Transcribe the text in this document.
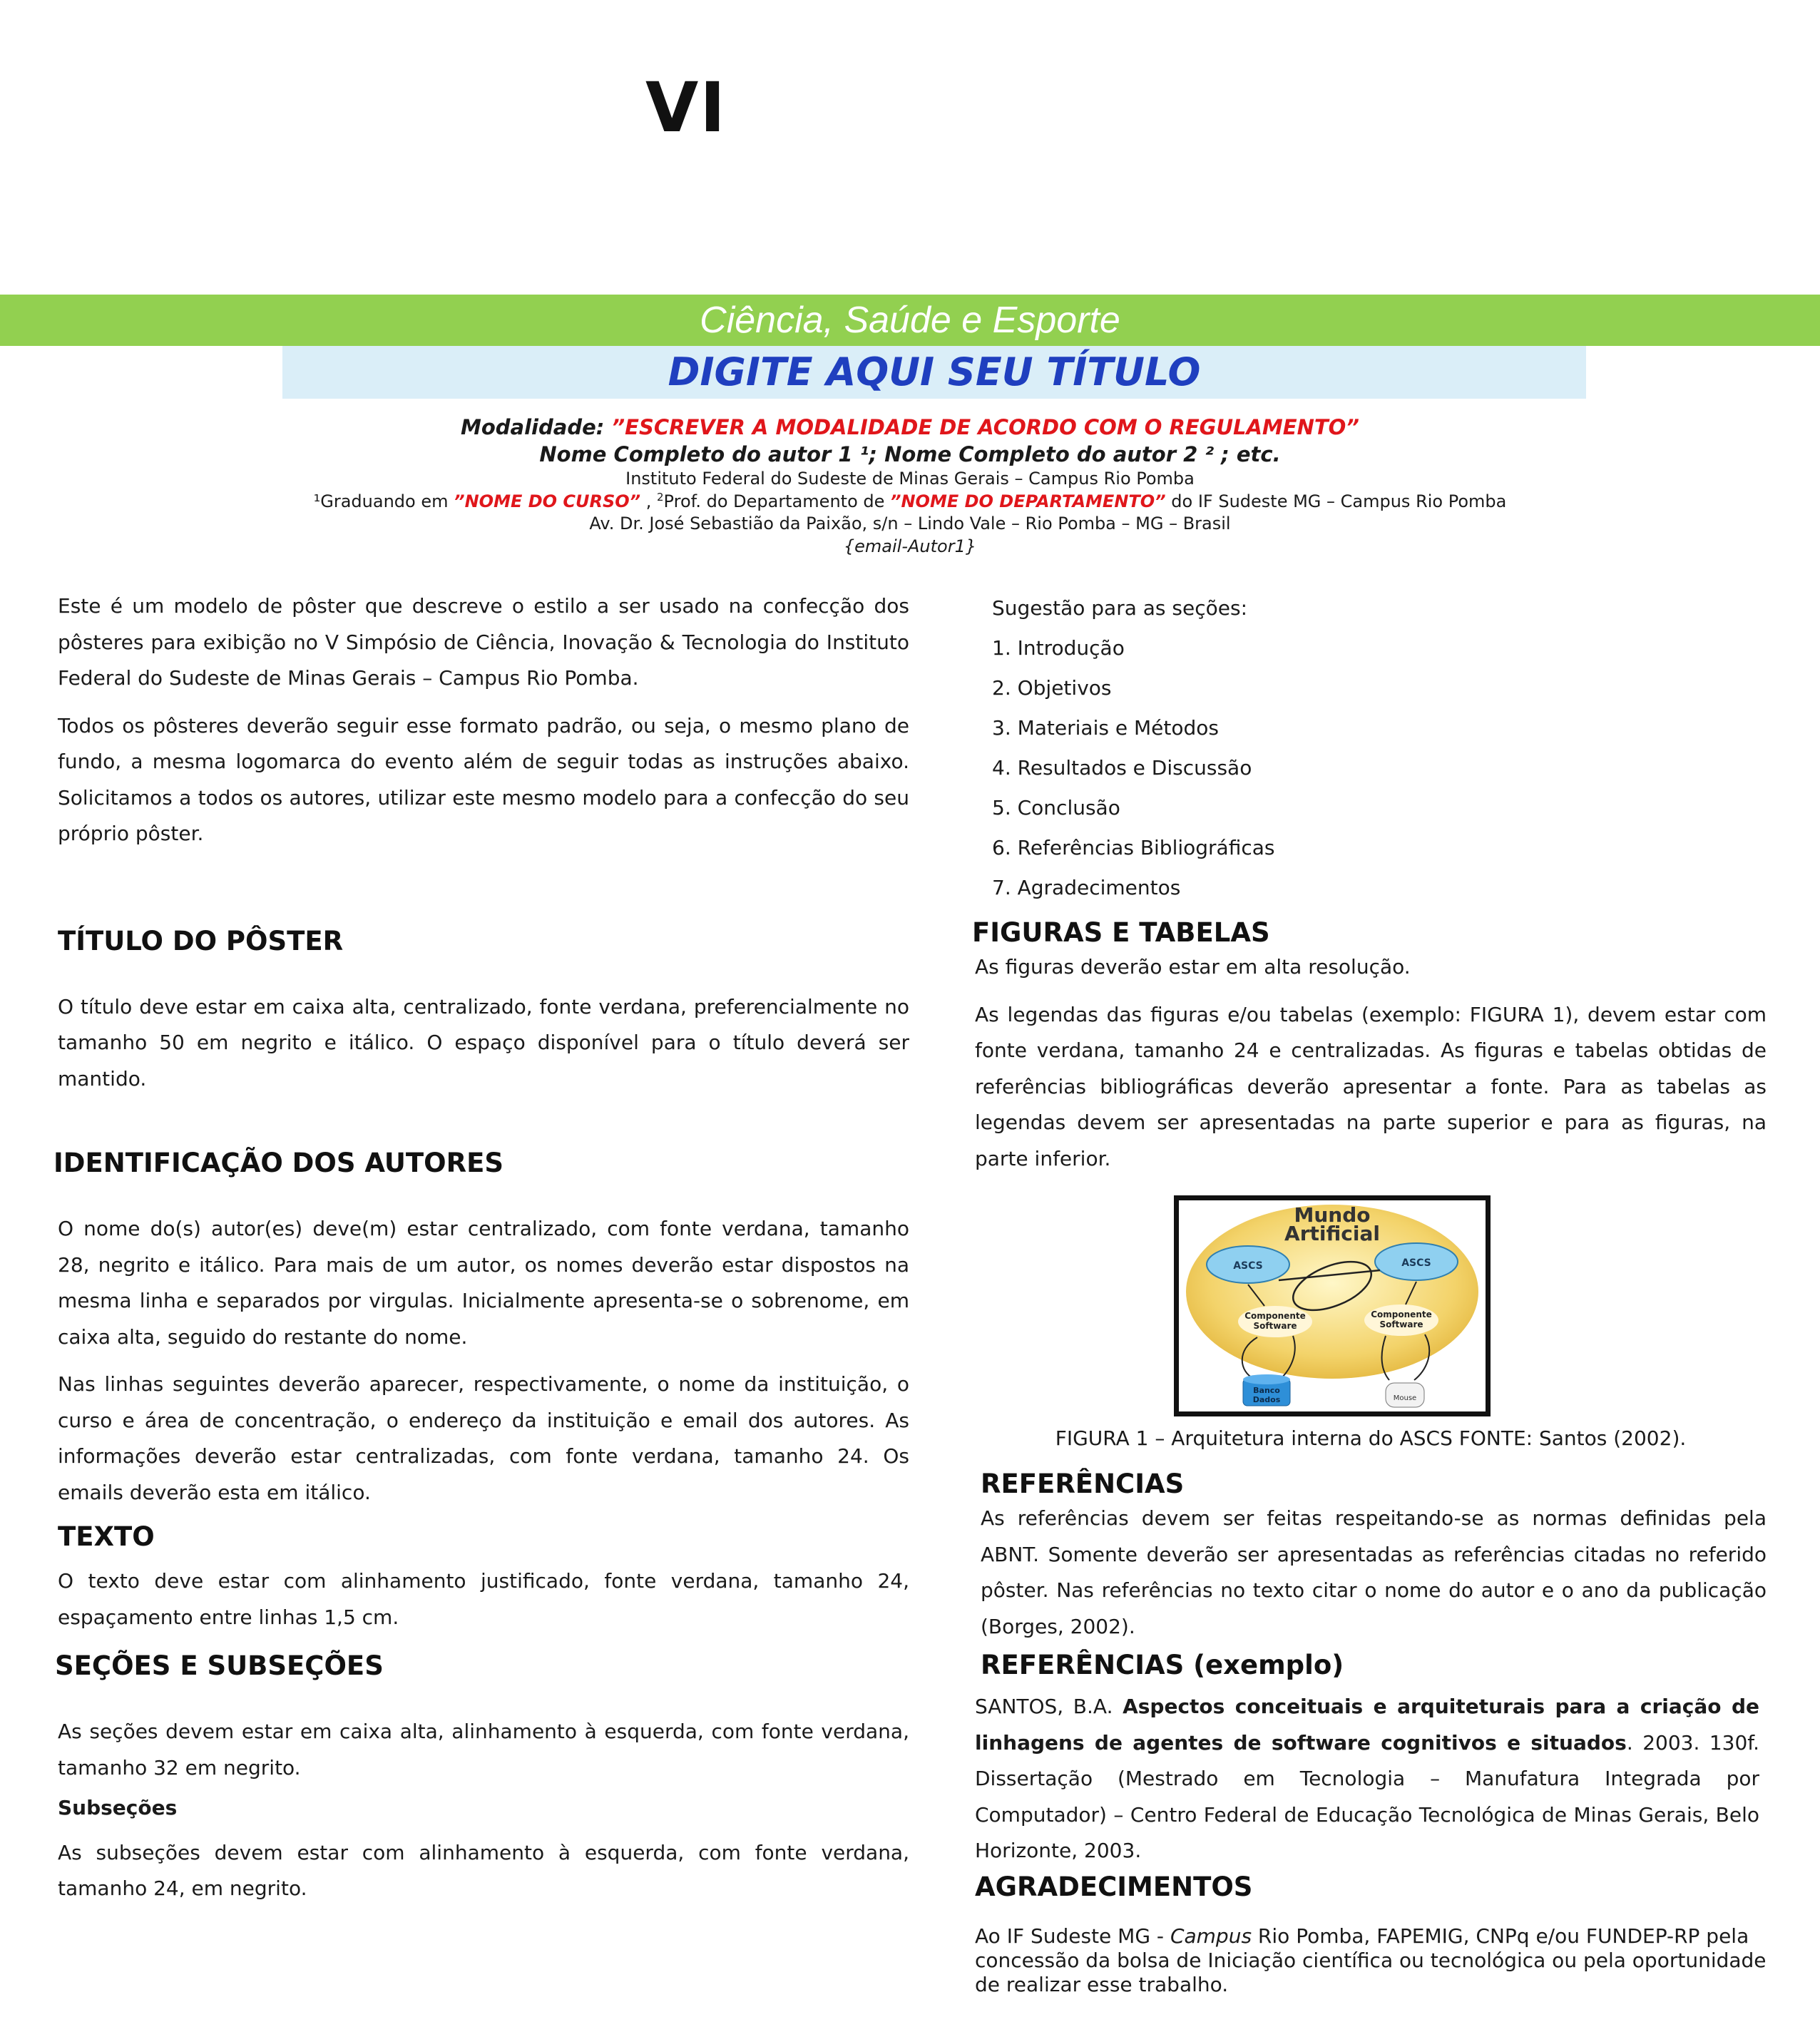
VI
Ciência, Saúde e Esporte
DIGITE AQUI SEU TÍTULO
Modalidade: ”ESCREVER A MODALIDADE DE ACORDO COM O REGULAMENTO”
Nome Completo do autor 1 ¹; Nome Completo do autor 2 ² ; etc.
Instituto Federal do Sudeste de Minas Gerais – Campus Rio Pomba
¹Graduando em ”NOME DO CURSO” , $^2$Prof. do Departamento de ”NOME DO DEPARTAMENTO” do IF Sudeste MG – Campus Rio Pomba
Av. Dr. José Sebastião da Paixão, s/n – Lindo Vale – Rio Pomba – MG – Brasil
{email-Autor1}

Este é um modelo de pôster que descreve o estilo a ser usado na confecção dos pôsteres para exibição no V Simpósio de Ciência, Inovação & Tecnologia do Instituto Federal do Sudeste de Minas Gerais – Campus Rio Pomba.

Todos os pôsteres deverão seguir esse formato padrão, ou seja, o mesmo plano de fundo, a mesma logomarca do evento além de seguir todas as instruções abaixo. Solicitamos a todos os autores, utilizar este mesmo modelo para a confecção do seu próprio pôster.

TÍTULO DO PÔSTER

O título deve estar em caixa alta, centralizado, fonte verdana, preferencialmente no tamanho 50 em negrito e itálico. O espaço disponível para o título deverá ser mantido.

IDENTIFICAÇÃO DOS AUTORES

O nome do(s) autor(es) deve(m) estar centralizado, com fonte verdana, tamanho 28, negrito e itálico. Para mais de um autor, os nomes deverão estar dispostos na mesma linha e separados por virgulas. Inicialmente apresenta-se o sobrenome, em caixa alta, seguido do restante do nome.

Nas linhas seguintes deverão aparecer, respectivamente, o nome da instituição, o curso e área de concentração, o endereço da instituição e email dos autores. As informações deverão estar centralizadas, com fonte verdana, tamanho 24. Os emails deverão esta em itálico.

TEXTO

O texto deve estar com alinhamento justificado, fonte verdana, tamanho 24, espaçamento entre linhas 1,5 cm.

SEÇÕES E SUBSEÇÕES

As seções devem estar em caixa alta, alinhamento à esquerda, com fonte verdana, tamanho 32 em negrito.

Subseções

As subseções devem estar com alinhamento à esquerda, com fonte verdana, tamanho 24, em negrito.

Sugestão para as seções:
1. Introdução
2. Objetivos
3. Materiais e Métodos
4. Resultados e Discussão
5. Conclusão
6. Referências Bibliográficas
7. Agradecimentos
FIGURAS E TABELAS

As figuras deverão estar em alta resolução.

As legendas das figuras e/ou tabelas (exemplo: FIGURA 1), devem estar com fonte verdana, tamanho 24 e centralizadas. As figuras e tabelas obtidas de referências bibliográficas deverão apresentar a fonte. Para as tabelas as legendas devem ser apresentadas na parte superior e para as figuras, na parte inferior.

Mundo
Artificial
ASCS	ASCS
Componente
Software
Componente
Software
Banco
Dados	Mouse
FIGURA 1 – Arquitetura interna do ASCS FONTE: Santos (2002).
REFERÊNCIAS

As referências devem ser feitas respeitando-se as normas definidas pela ABNT. Somente deverão ser apresentadas as referências citadas no referido pôster. Nas referências no texto citar o nome do autor e o ano da publicação (Borges, 2002).

REFERÊNCIAS (exemplo)

SANTOS, B.A. Aspectos conceituais e arquiteturais para a criação de linhagens de agentes de software cognitivos e situados. 2003. 130f. Dissertação (Mestrado em Tecnologia – Manufatura Integrada por Computador) – Centro Federal de Educação Tecnológica de Minas Gerais, Belo Horizonte, 2003.

AGRADECIMENTOS
Ao IF Sudeste MG - Campus Rio Pomba, FAPEMIG, CNPq e/ou FUNDEP-RP pela concessão da bolsa de Iniciação científica ou tecnológica ou pela oportunidade de realizar esse trabalho.
